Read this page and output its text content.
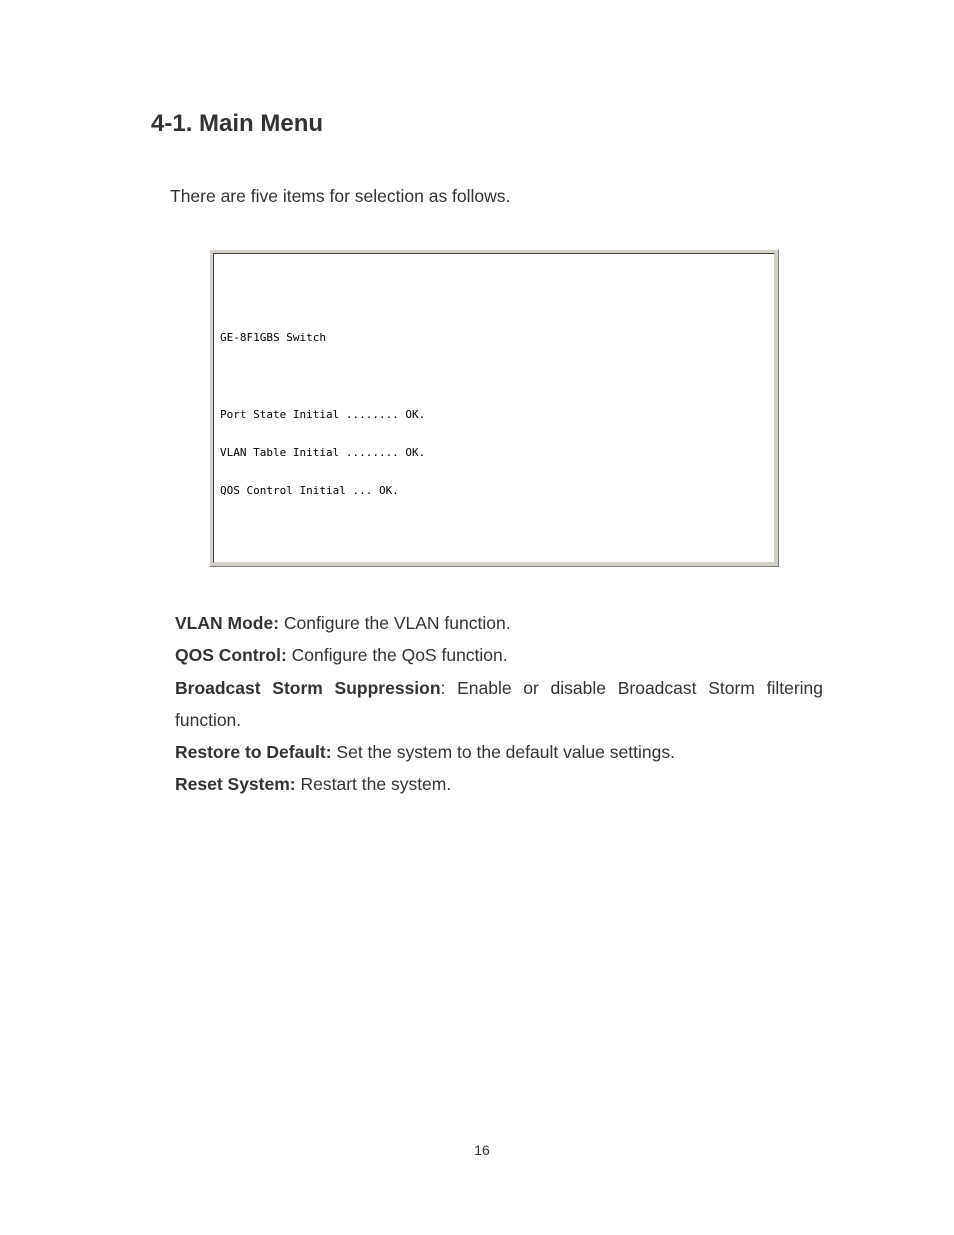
4-1. Main Menu

There are five items for selection as follows.

GE-8F1GBS Switch

Port State Initial ........ OK.

VLAN Table Initial ........ OK.

QOS Control Initial ... OK.

VLAN Mode: Configure the VLAN function.
QOS Control: Configure the QoS function.
Broadcast Storm Suppression: Enable or disable Broadcast Storm filtering function.
Restore to Default: Set the system to the default value settings.
Reset System: Restart the system.
16
